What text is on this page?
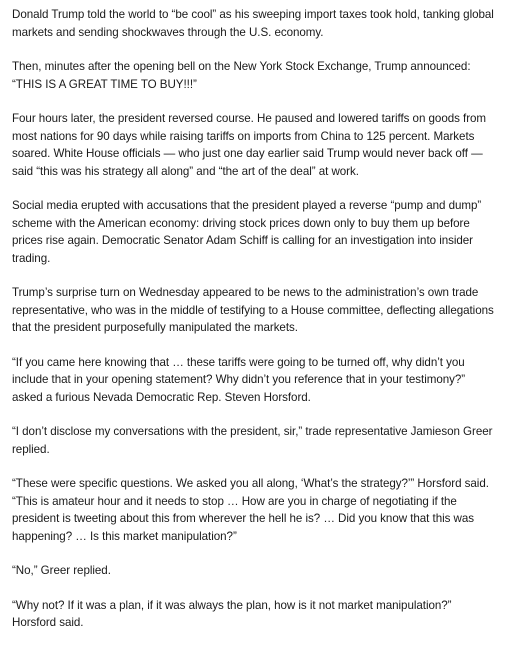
Donald Trump told the world to “be cool” as his sweeping import taxes took hold, tanking global markets and sending shockwaves through the U.S. economy.

Then, minutes after the opening bell on the New York Stock Exchange, Trump announced: “THIS IS A GREAT TIME TO BUY!!!”

Four hours later, the president reversed course. He paused and lowered tariffs on goods from most nations for 90 days while raising tariffs on imports from China to 125 percent. Markets soared. White House officials — who just one day earlier said Trump would never back off — said “this was his strategy all along” and “the art of the deal” at work.

Social media erupted with accusations that the president played a reverse “pump and dump” scheme with the American economy: driving stock prices down only to buy them up before prices rise again. Democratic Senator Adam Schiff is calling for an investigation into insider trading.

Trump’s surprise turn on Wednesday appeared to be news to the administration’s own trade representative, who was in the middle of testifying to a House committee, deflecting allegations that the president purposefully manipulated the markets.

“If you came here knowing that … these tariffs were going to be turned off, why didn’t you include that in your opening statement? Why didn’t you reference that in your testimony?” asked a furious Nevada Democratic Rep. Steven Horsford.

“I don’t disclose my conversations with the president, sir,” trade representative Jamieson Greer replied.

“These were specific questions. We asked you all along, ‘What’s the strategy?’” Horsford said. “This is amateur hour and it needs to stop … How are you in charge of negotiating if the president is tweeting about this from wherever the hell he is? … Did you know that this was happening? … Is this market manipulation?”

“No,” Greer replied.

“Why not? If it was a plan, if it was always the plan, how is it not market manipulation?” Horsford said.
